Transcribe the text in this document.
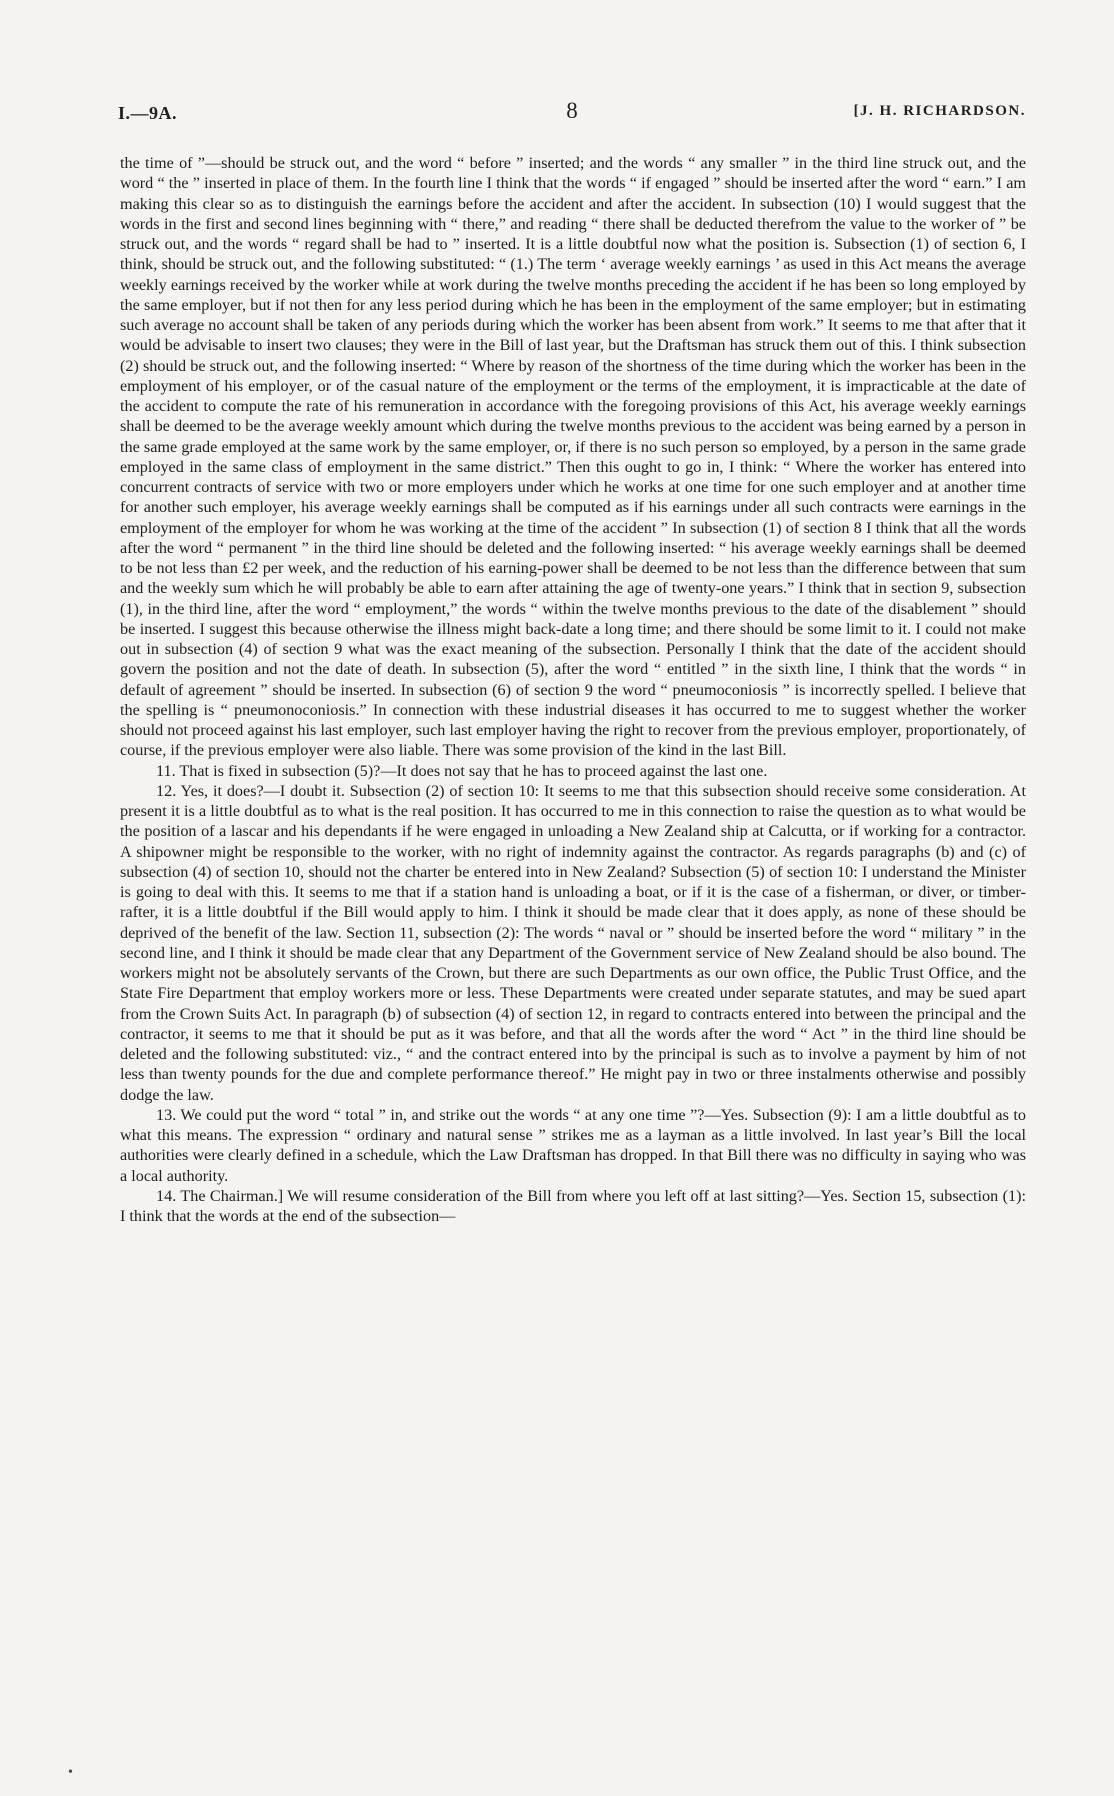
I.—9A.	8	[J. H. RICHARDSON.

the time of ”—should be struck out, and the word “ before ” inserted; and the words “ any smaller ” in the third line struck out, and the word “ the ” inserted in place of them. In the fourth line I think that the words “ if engaged ” should be inserted after the word “ earn.” I am making this clear so as to distinguish the earnings before the accident and after the accident. In subsection (10) I would suggest that the words in the first and second lines beginning with “ there,” and reading “ there shall be deducted therefrom the value to the worker of ” be struck out, and the words “ regard shall be had to ” inserted. It is a little doubtful now what the position is. Subsection (1) of section 6, I think, should be struck out, and the following substituted: “ (1.) The term ‘ average weekly earnings ’ as used in this Act means the average weekly earnings received by the worker while at work during the twelve months preceding the accident if he has been so long employed by the same employer, but if not then for any less period during which he has been in the employment of the same employer; but in estimating such average no account shall be taken of any periods during which the worker has been absent from work.” It seems to me that after that it would be advisable to insert two clauses; they were in the Bill of last year, but the Draftsman has struck them out of this. I think subsection (2) should be struck out, and the following inserted: “ Where by reason of the shortness of the time during which the worker has been in the employment of his employer, or of the casual nature of the employment or the terms of the employment, it is impracticable at the date of the accident to compute the rate of his remuneration in accordance with the foregoing provisions of this Act, his average weekly earnings shall be deemed to be the average weekly amount which during the twelve months previous to the accident was being earned by a person in the same grade employed at the same work by the same employer, or, if there is no such person so employed, by a person in the same grade employed in the same class of employment in the same district.” Then this ought to go in, I think: “ Where the worker has entered into concurrent contracts of service with two or more employers under which he works at one time for one such employer and at another time for another such employer, his average weekly earnings shall be computed as if his earnings under all such contracts were earnings in the employment of the employer for whom he was working at the time of the accident ” In subsection (1) of section 8 I think that all the words after the word “ permanent ” in the third line should be deleted and the following inserted: “ his average weekly earnings shall be deemed to be not less than £2 per week, and the reduction of his earning-power shall be deemed to be not less than the difference between that sum and the weekly sum which he will probably be able to earn after attaining the age of twenty-one years.” I think that in section 9, subsection (1), in the third line, after the word “ employment,” the words “ within the twelve months previous to the date of the disablement ” should be inserted. I suggest this because otherwise the illness might back-date a long time; and there should be some limit to it. I could not make out in subsection (4) of section 9 what was the exact meaning of the subsection. Personally I think that the date of the accident should govern the position and not the date of death. In subsection (5), after the word “ entitled ” in the sixth line, I think that the words “ in default of agreement ” should be inserted. In subsection (6) of section 9 the word “ pneumoconiosis ” is incorrectly spelled. I believe that the spelling is “ pneumonoconiosis.” In connection with these industrial diseases it has occurred to me to suggest whether the worker should not proceed against his last employer, such last employer having the right to recover from the previous employer, proportionately, of course, if the previous employer were also liable. There was some provision of the kind in the last Bill.

11. That is fixed in subsection (5)?—It does not say that he has to proceed against the last one.

12. Yes, it does?—I doubt it. Subsection (2) of section 10: It seems to me that this subsection should receive some consideration. At present it is a little doubtful as to what is the real position. It has occurred to me in this connection to raise the question as to what would be the position of a lascar and his dependants if he were engaged in unloading a New Zealand ship at Calcutta, or if working for a contractor. A shipowner might be responsible to the worker, with no right of indemnity against the contractor. As regards paragraphs (b) and (c) of subsection (4) of section 10, should not the charter be entered into in New Zealand? Subsection (5) of section 10: I understand the Minister is going to deal with this. It seems to me that if a station hand is unloading a boat, or if it is the case of a fisherman, or diver, or timber-rafter, it is a little doubtful if the Bill would apply to him. I think it should be made clear that it does apply, as none of these should be deprived of the benefit of the law. Section 11, subsection (2): The words “ naval or ” should be inserted before the word “ military ” in the second line, and I think it should be made clear that any Department of the Government service of New Zealand should be also bound. The workers might not be absolutely servants of the Crown, but there are such Departments as our own office, the Public Trust Office, and the State Fire Department that employ workers more or less. These Departments were created under separate statutes, and may be sued apart from the Crown Suits Act. In paragraph (b) of subsection (4) of section 12, in regard to contracts entered into between the principal and the contractor, it seems to me that it should be put as it was before, and that all the words after the word “ Act ” in the third line should be deleted and the following substituted: viz., “ and the contract entered into by the principal is such as to involve a payment by him of not less than twenty pounds for the due and complete performance thereof.” He might pay in two or three instalments otherwise and possibly dodge the law.

13. We could put the word “ total ” in, and strike out the words “ at any one time ”?—Yes. Subsection (9): I am a little doubtful as to what this means. The expression “ ordinary and natural sense ” strikes me as a layman as a little involved. In last year’s Bill the local authorities were clearly defined in a schedule, which the Law Draftsman has dropped. In that Bill there was no difficulty in saying who was a local authority.

14. The Chairman.] We will resume consideration of the Bill from where you left off at last sitting?—Yes. Section 15, subsection (1): I think that the words at the end of the subsection—

•
